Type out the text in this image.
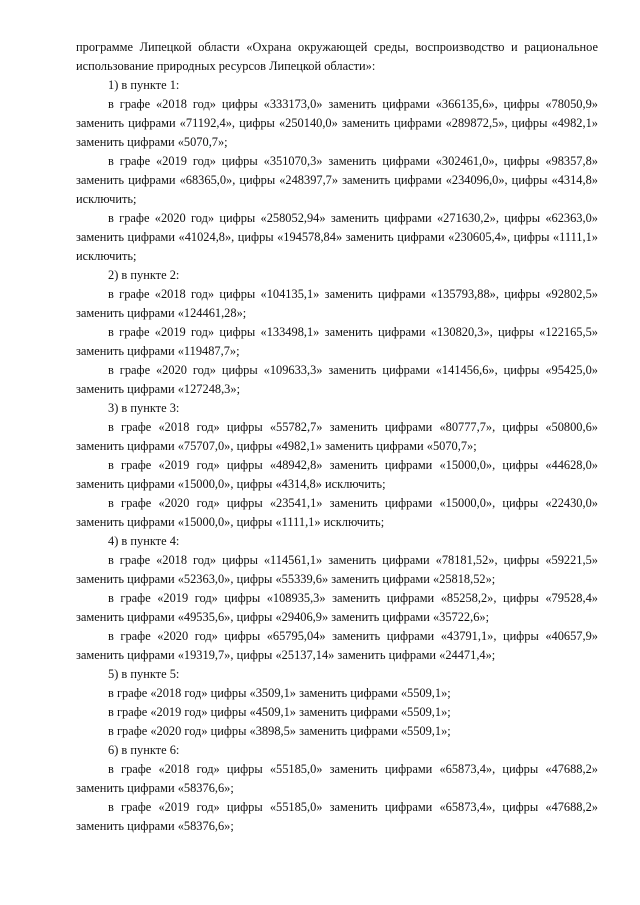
программе Липецкой области «Охрана окружающей среды, воспроизводство и рациональное использование природных ресурсов Липецкой области»:

1) в пункте 1:

в графе «2018 год» цифры «333173,0» заменить цифрами «366135,6», цифры «78050,9» заменить цифрами «71192,4», цифры «250140,0» заменить цифрами «289872,5», цифры «4982,1» заменить цифрами «5070,7»;

в графе «2019 год» цифры «351070,3» заменить цифрами «302461,0», цифры «98357,8» заменить цифрами «68365,0», цифры «248397,7» заменить цифрами «234096,0», цифры «4314,8» исключить;

в графе «2020 год» цифры «258052,94» заменить цифрами «271630,2», цифры «62363,0» заменить цифрами «41024,8», цифры «194578,84» заменить цифрами «230605,4», цифры «1111,1» исключить;

2) в пункте 2:

в графе «2018 год» цифры «104135,1» заменить цифрами «135793,88», цифры «92802,5» заменить цифрами «124461,28»;

в графе «2019 год» цифры «133498,1» заменить цифрами «130820,3», цифры «122165,5» заменить цифрами «119487,7»;

в графе «2020 год» цифры «109633,3» заменить цифрами «141456,6», цифры «95425,0» заменить цифрами «127248,3»;

3) в пункте 3:

в графе «2018 год» цифры «55782,7» заменить цифрами «80777,7», цифры «50800,6» заменить цифрами «75707,0», цифры «4982,1» заменить цифрами «5070,7»;

в графе «2019 год» цифры «48942,8» заменить цифрами «15000,0», цифры «44628,0» заменить цифрами «15000,0», цифры «4314,8» исключить;

в графе «2020 год» цифры «23541,1» заменить цифрами «15000,0», цифры «22430,0» заменить цифрами «15000,0», цифры «1111,1» исключить;

4) в пункте 4:

в графе «2018 год» цифры «114561,1» заменить цифрами «78181,52», цифры «59221,5» заменить цифрами «52363,0», цифры «55339,6» заменить цифрами «25818,52»;

в графе «2019 год» цифры «108935,3» заменить цифрами «85258,2», цифры «79528,4» заменить цифрами «49535,6», цифры «29406,9» заменить цифрами «35722,6»;

в графе «2020 год» цифры «65795,04» заменить цифрами «43791,1», цифры «40657,9» заменить цифрами «19319,7», цифры «25137,14» заменить цифрами «24471,4»;

5) в пункте 5:

в графе «2018 год» цифры «3509,1» заменить цифрами «5509,1»;

в графе «2019 год» цифры «4509,1» заменить цифрами «5509,1»;

в графе «2020 год» цифры «3898,5» заменить цифрами «5509,1»;

6) в пункте 6:

в графе «2018 год» цифры «55185,0» заменить цифрами «65873,4», цифры «47688,2» заменить цифрами «58376,6»;

в графе «2019 год» цифры «55185,0» заменить цифрами «65873,4», цифры «47688,2» заменить цифрами «58376,6»;
